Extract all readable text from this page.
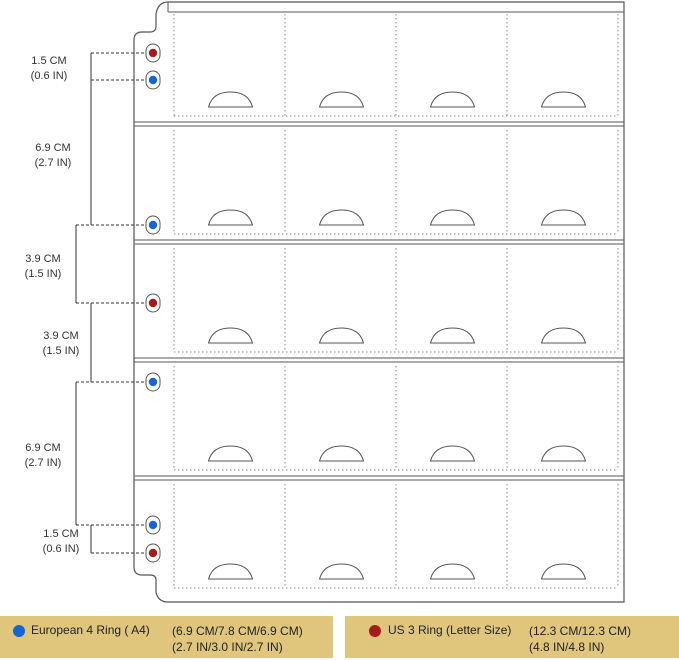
1.5 CM
(0.6 IN)
6.9 CM
(2.7 IN)
3.9 CM
(1.5 IN)
3.9 CM
(1.5 IN)
6.9 CM
(2.7 IN)
1.5 CM
(0.6 IN)
European 4 Ring ( A4) (6.9 CM/7.8 CM/6.9 CM)
(2.7 IN/3.0 IN/2.7 IN)
US 3 Ring (Letter Size) (12.3 CM/12.3 CM)
(4.8 IN/4.8 IN)
